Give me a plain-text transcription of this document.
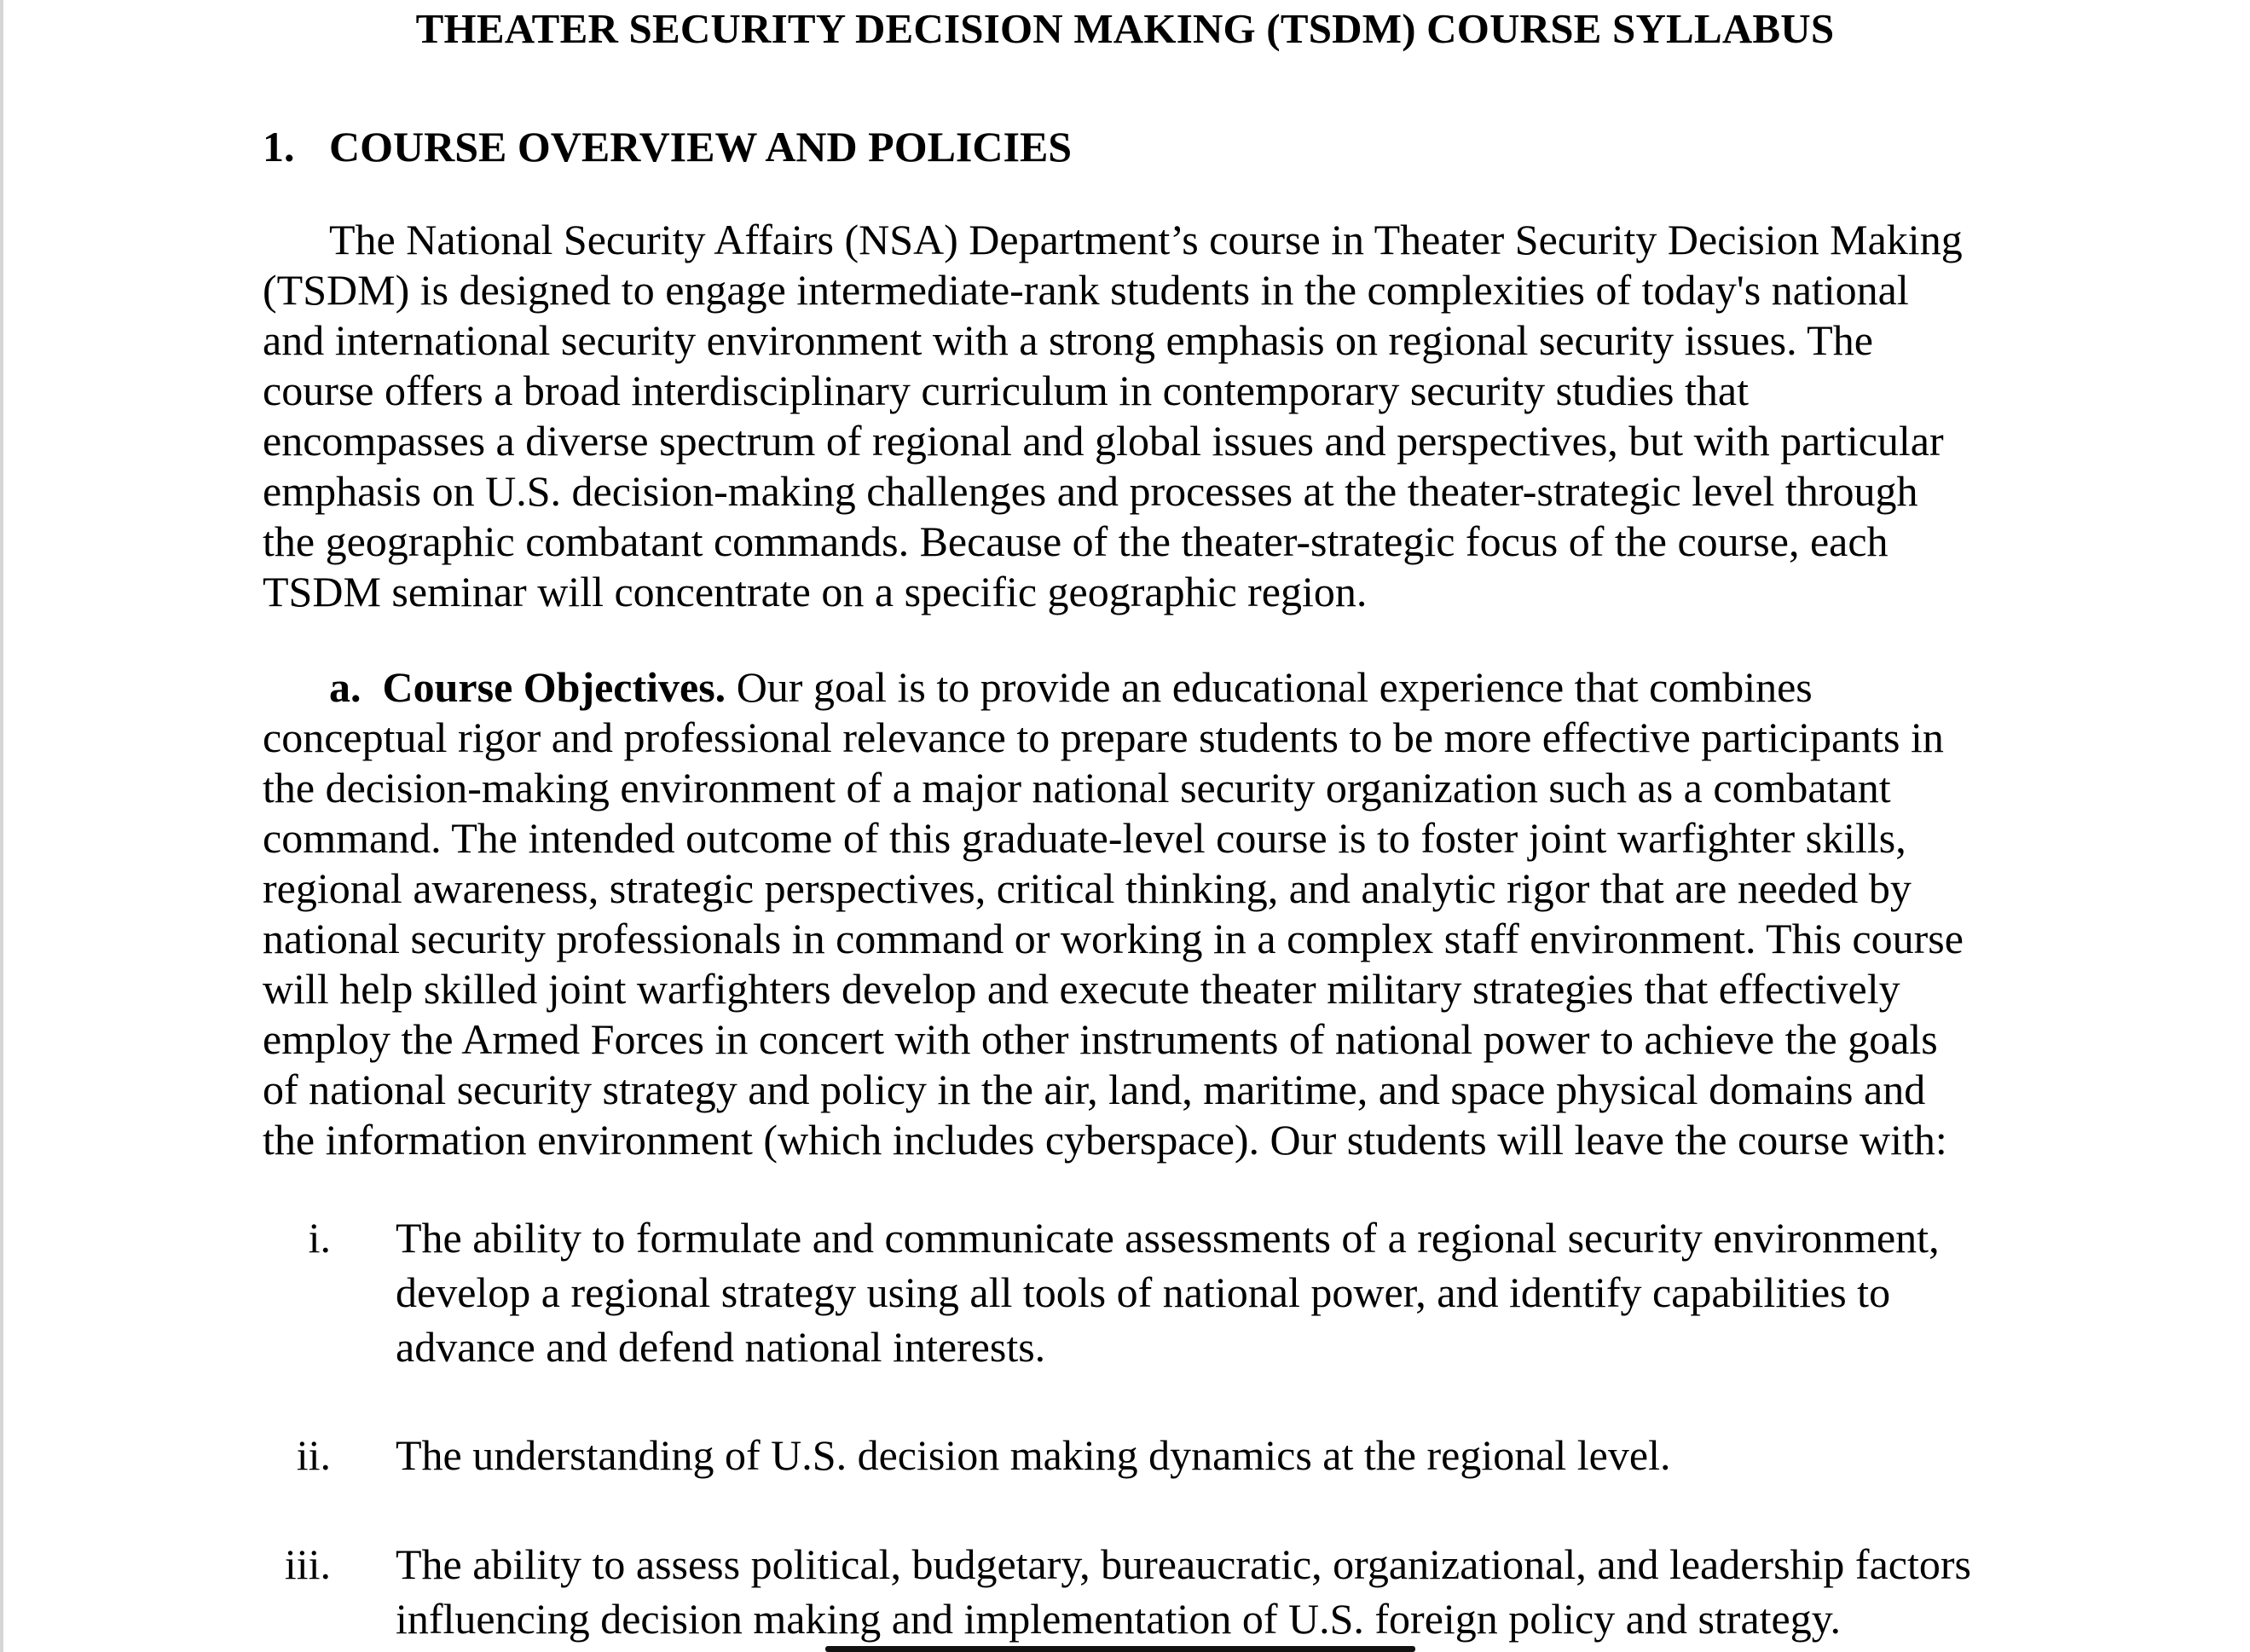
THEATER SECURITY DECISION MAKING (TSDM) COURSE SYLLABUS
1. COURSE OVERVIEW AND POLICIES
The National Security Affairs (NSA) Department’s course in Theater Security Decision Making
(TSDM) is designed to engage intermediate-rank students in the complexities of today's national
and international security environment with a strong emphasis on regional security issues. The
course offers a broad interdisciplinary curriculum in contemporary security studies that
encompasses a diverse spectrum of regional and global issues and perspectives, but with particular
emphasis on U.S. decision-making challenges and processes at the theater-strategic level through
the geographic combatant commands. Because of the theater-strategic focus of the course, each
TSDM seminar will concentrate on a specific geographic region.
a. Course Objectives. Our goal is to provide an educational experience that combines
conceptual rigor and professional relevance to prepare students to be more effective participants in
the decision-making environment of a major national security organization such as a combatant
command. The intended outcome of this graduate-level course is to foster joint warfighter skills,
regional awareness, strategic perspectives, critical thinking, and analytic rigor that are needed by
national security professionals in command or working in a complex staff environment. This course
will help skilled joint warfighters develop and execute theater military strategies that effectively
employ the Armed Forces in concert with other instruments of national power to achieve the goals
of national security strategy and policy in the air, land, maritime, and space physical domains and
the information environment (which includes cyberspace). Our students will leave the course with:
i. The ability to formulate and communicate assessments of a regional security environment,
develop a regional strategy using all tools of national power, and identify capabilities to
advance and defend national interests.
ii. The understanding of U.S. decision making dynamics at the regional level.
iii. The ability to assess political, budgetary, bureaucratic, organizational, and leadership factors
influencing decision making and implementation of U.S. foreign policy and strategy.
